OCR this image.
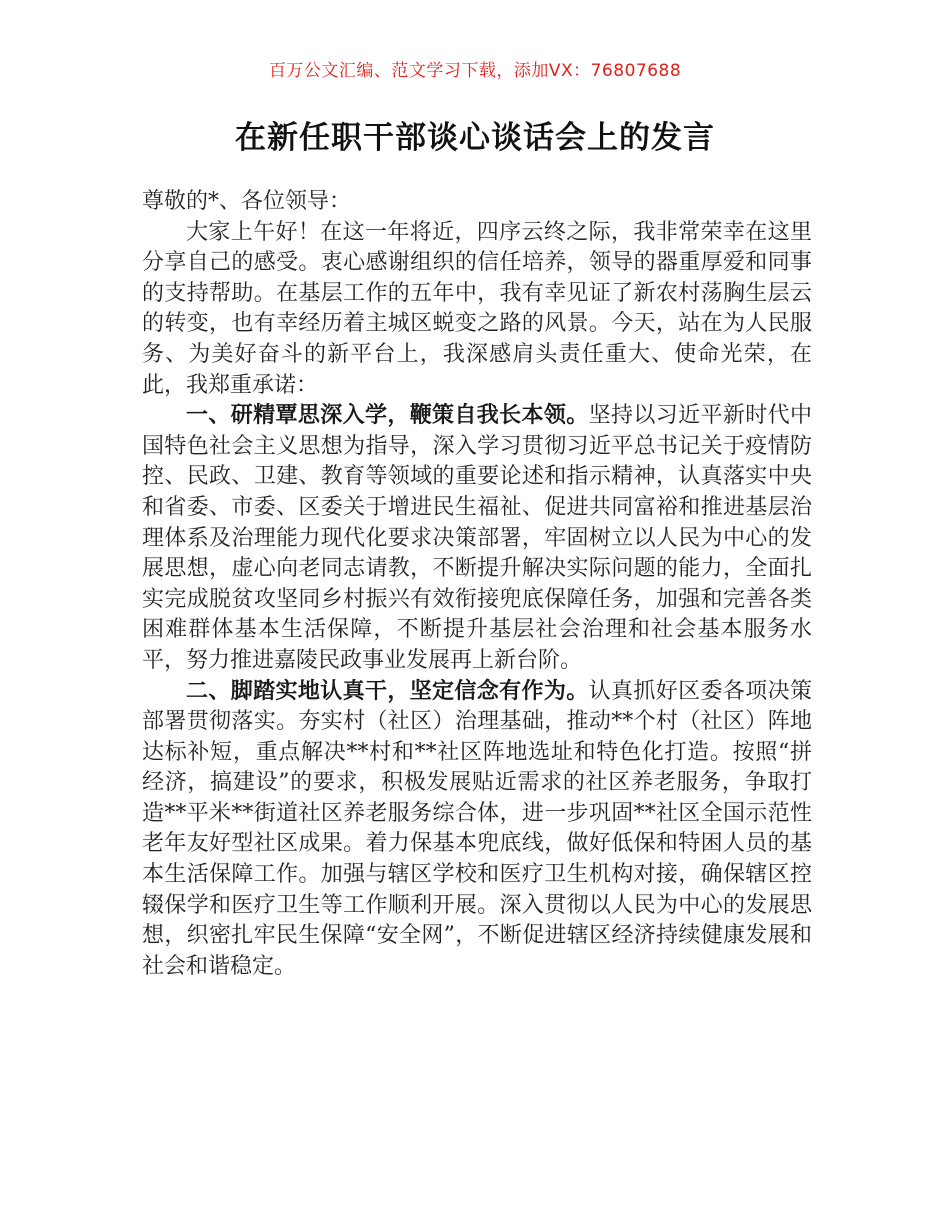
百万公文汇编、范文学习下载，添加VX：76807688
在新任职干部谈心谈话会上的发言

尊敬的*、各位领导：

大家上午好！在这一年将近，四序云终之际，我非常荣幸在这里分享自己的感受。衷心感谢组织的信任培养，领导的器重厚爱和同事的支持帮助。在基层工作的五年中，我有幸见证了新农村荡胸生层云的转变，也有幸经历着主城区蜕变之路的风景。今天，站在为人民服务、为美好奋斗的新平台上，我深感肩头责任重大、使命光荣，在此，我郑重承诺：

一、研精覃思深入学，鞭策自我长本领。坚持以习近平新时代中国特色社会主义思想为指导，深入学习贯彻习近平总书记关于疫情防控、民政、卫建、教育等领域的重要论述和指示精神，认真落实中央和省委、市委、区委关于增进民生福祉、促进共同富裕和推进基层治理体系及治理能力现代化要求决策部署，牢固树立以人民为中心的发展思想，虚心向老同志请教，不断提升解决实际问题的能力，全面扎实完成脱贫攻坚同乡村振兴有效衔接兜底保障任务，加强和完善各类困难群体基本生活保障，不断提升基层社会治理和社会基本服务水平，努力推进嘉陵民政事业发展再上新台阶。

二、脚踏实地认真干，坚定信念有作为。认真抓好区委各项决策部署贯彻落实。夯实村（社区）治理基础，推动**个村（社区）阵地达标补短，重点解决**村和**社区阵地选址和特色化打造。按照“拼经济，搞建设”的要求，积极发展贴近需求的社区养老服务，争取打造**平米**街道社区养老服务综合体，进一步巩固**社区全国示范性老年友好型社区成果。着力保基本兜底线，做好低保和特困人员的基本生活保障工作。加强与辖区学校和医疗卫生机构对接，确保辖区控辍保学和医疗卫生等工作顺利开展。深入贯彻以人民为中心的发展思想，织密扎牢民生保障“安全网”，不断促进辖区经济持续健康发展和社会和谐稳定。
